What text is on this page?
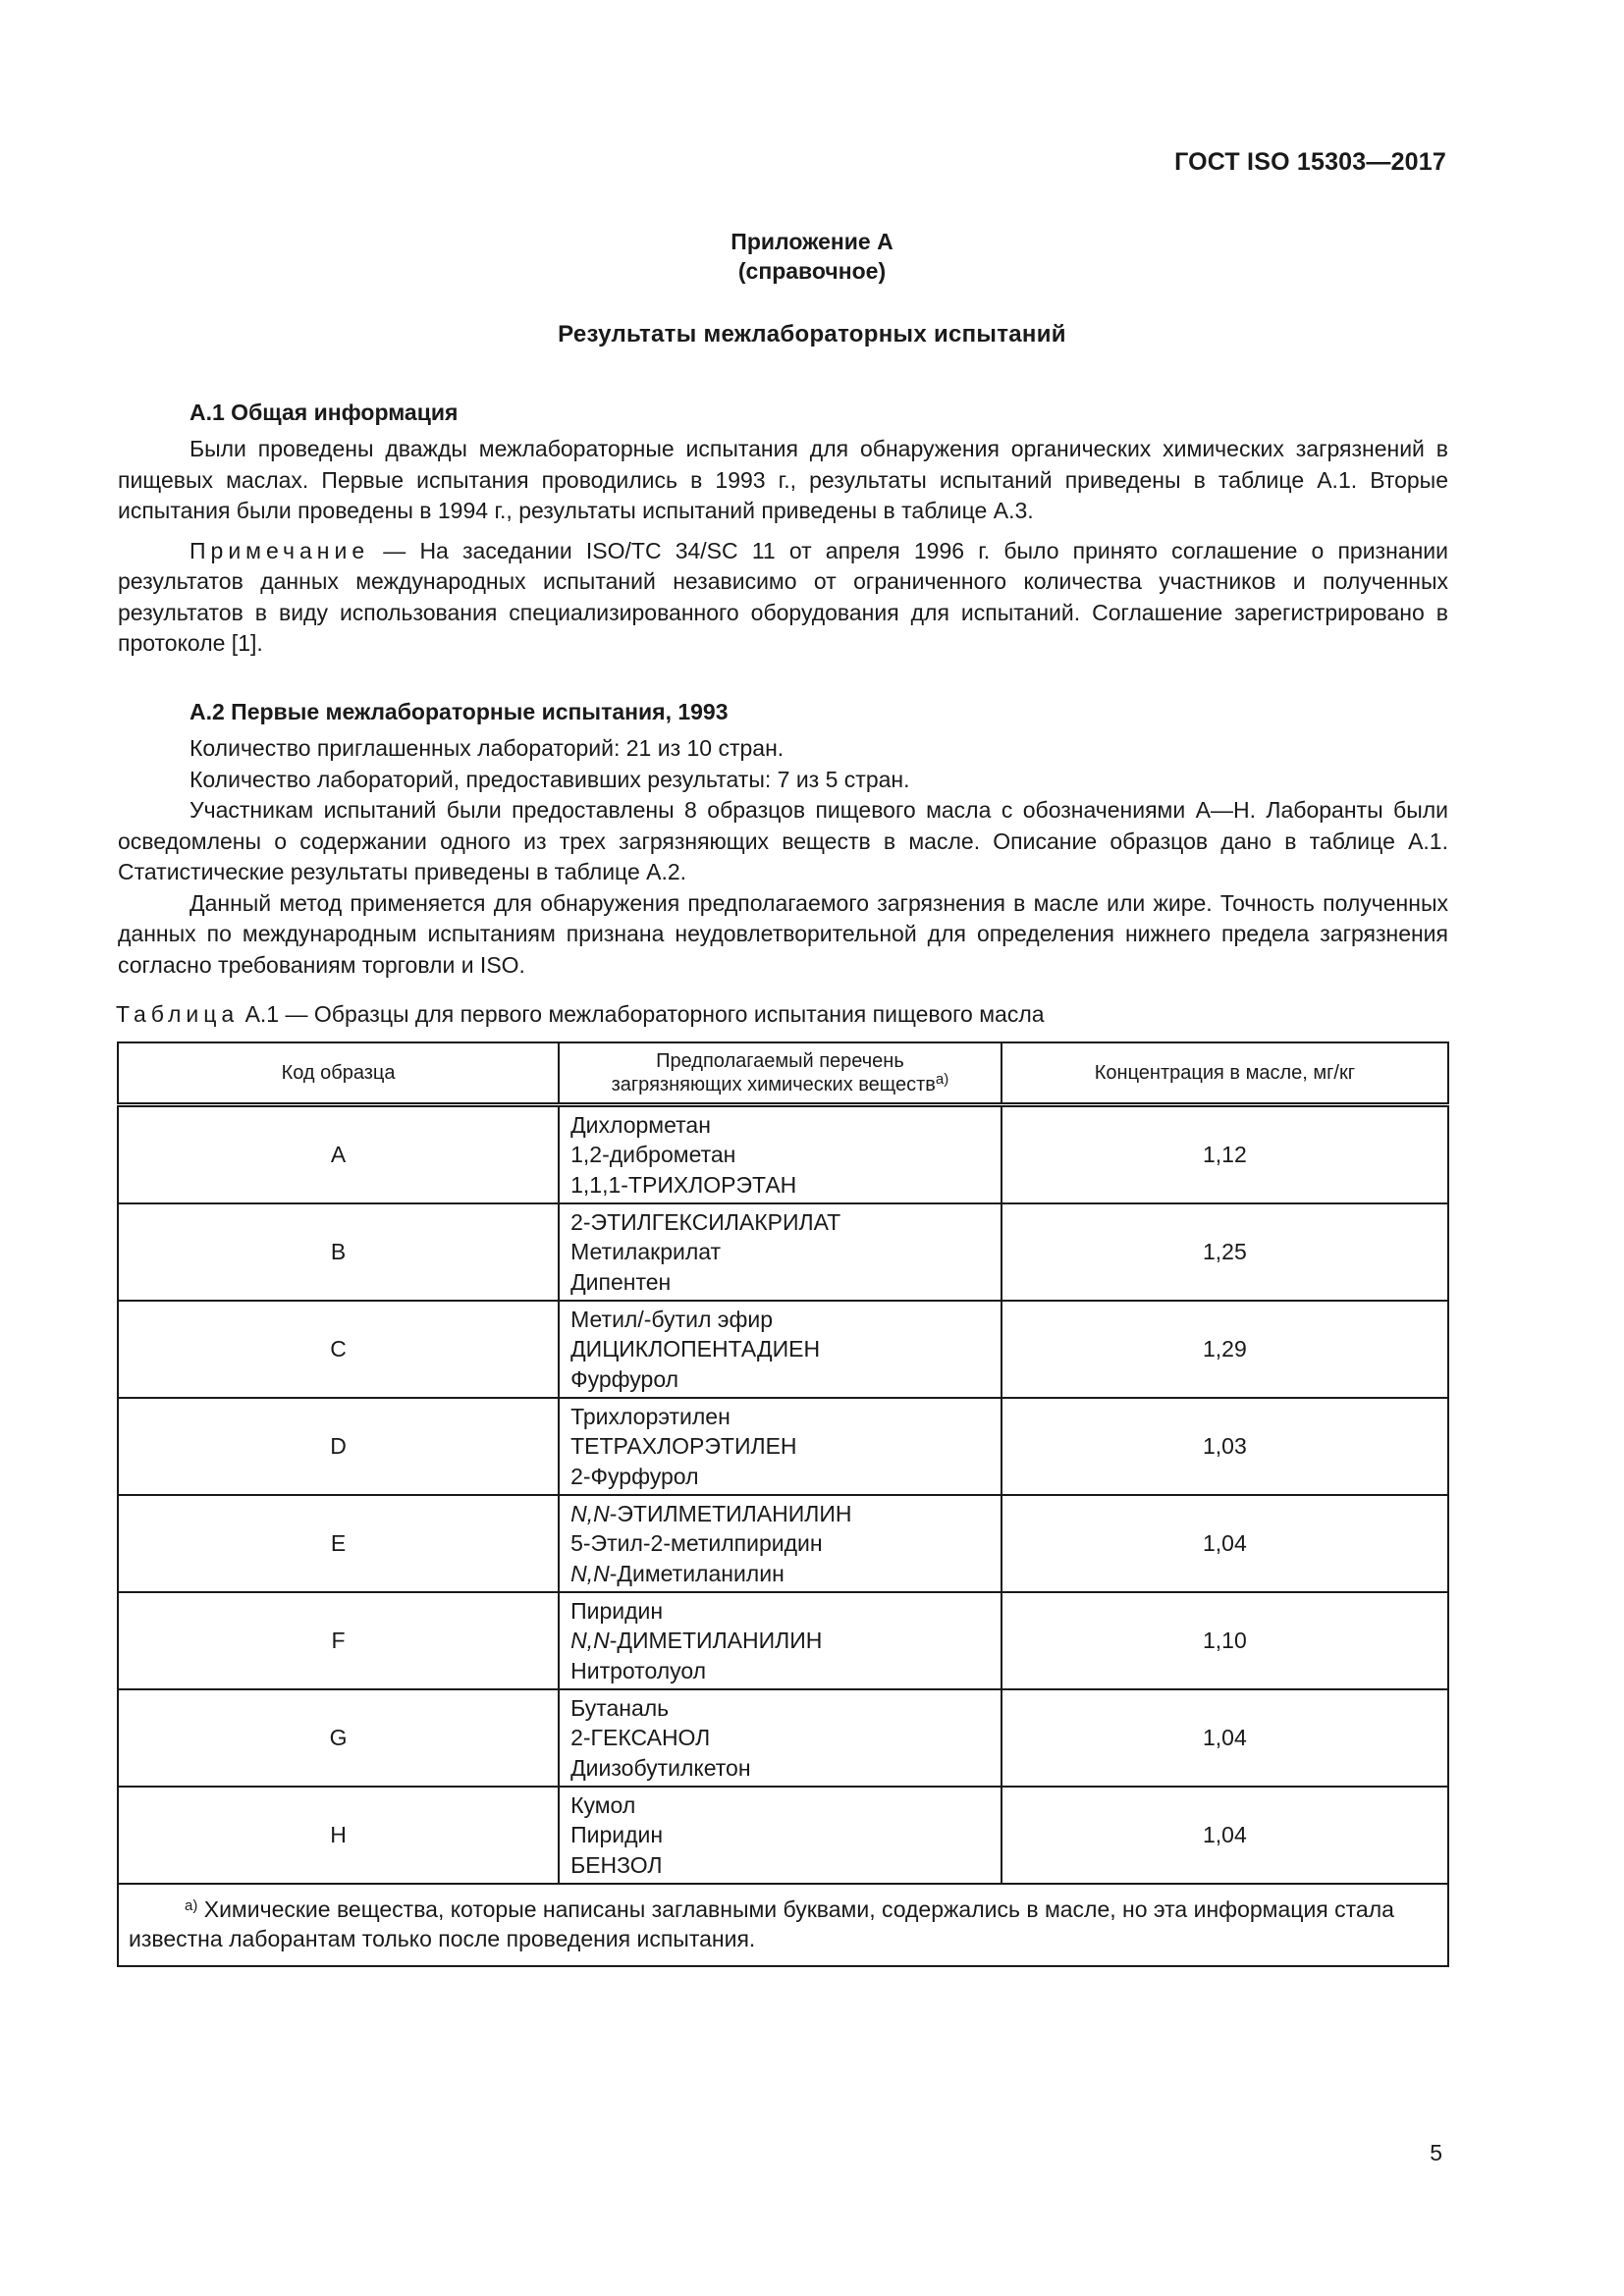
ГОСТ ISO 15303—2017
Приложение А
(справочное)
Результаты межлабораторных испытаний
А.1 Общая информация

Были проведены дважды межлабораторные испытания для обнаружения органических химических загрязнений в пищевых маслах. Первые испытания проводились в 1993 г., результаты испытаний приведены в таблице А.1. Вторые испытания были проведены в 1994 г., результаты испытаний приведены в таблице А.3.

Примечание — На заседании ISO/TC 34/SC 11 от апреля 1996 г. было принято соглашение о признании результатов данных международных испытаний независимо от ограниченного количества участников и полученных результатов в виду использования специализированного оборудования для испытаний. Соглашение зарегистрировано в протоколе [1].

А.2 Первые межлабораторные испытания, 1993

Количество приглашенных лабораторий: 21 из 10 стран.

Количество лабораторий, предоставивших результаты: 7 из 5 стран.

Участникам испытаний были предоставлены 8 образцов пищевого масла с обозначениями А—Н. Лаборанты были осведомлены о содержании одного из трех загрязняющих веществ в масле. Описание образцов дано в таблице А.1. Статистические результаты приведены в таблице А.2.

Данный метод применяется для обнаружения предполагаемого загрязнения в масле или жире. Точность полученных данных по международным испытаниям признана неудовлетворительной для определения нижнего предела загрязнения согласно требованиям торговли и ISO.

Таблица А.1 — Образцы для первого межлабораторного испытания пищевого масла
Код образца	Предполагаемый перечень
загрязняющих химических веществ$^{а)}$	Концентрация в масле, мг/кг
A	Дихлорметан
1,2-диброметан
1,1,1-ТРИХЛОРЭТАН	1,12
B	2-ЭТИЛГЕКСИЛАКРИЛАТ
Метилакрилат
Дипентен	1,25
C	Метил/-бутил эфир
ДИЦИКЛОПЕНТАДИЕН
Фурфурол	1,29
D	Трихлорэтилен
ТЕТРАХЛОРЭТИЛЕН
2-Фурфурол	1,03
E	N,N-ЭТИЛМЕТИЛАНИЛИН
5-Этил-2-метилпиридин
N,N-Диметиланилин	1,04
F	Пиридин
N,N-ДИМЕТИЛАНИЛИН
Нитротолуол	1,10
G	Бутаналь
2-ГЕКСАНОЛ
Диизобутилкетон	1,04
H	Кумол
Пиридин
БЕНЗОЛ	1,04
$^{а)}$ Химические вещества, которые написаны заглавными буквами, содержались в масле, но эта информация стала известна лаборантам только после проведения испытания.		
5
